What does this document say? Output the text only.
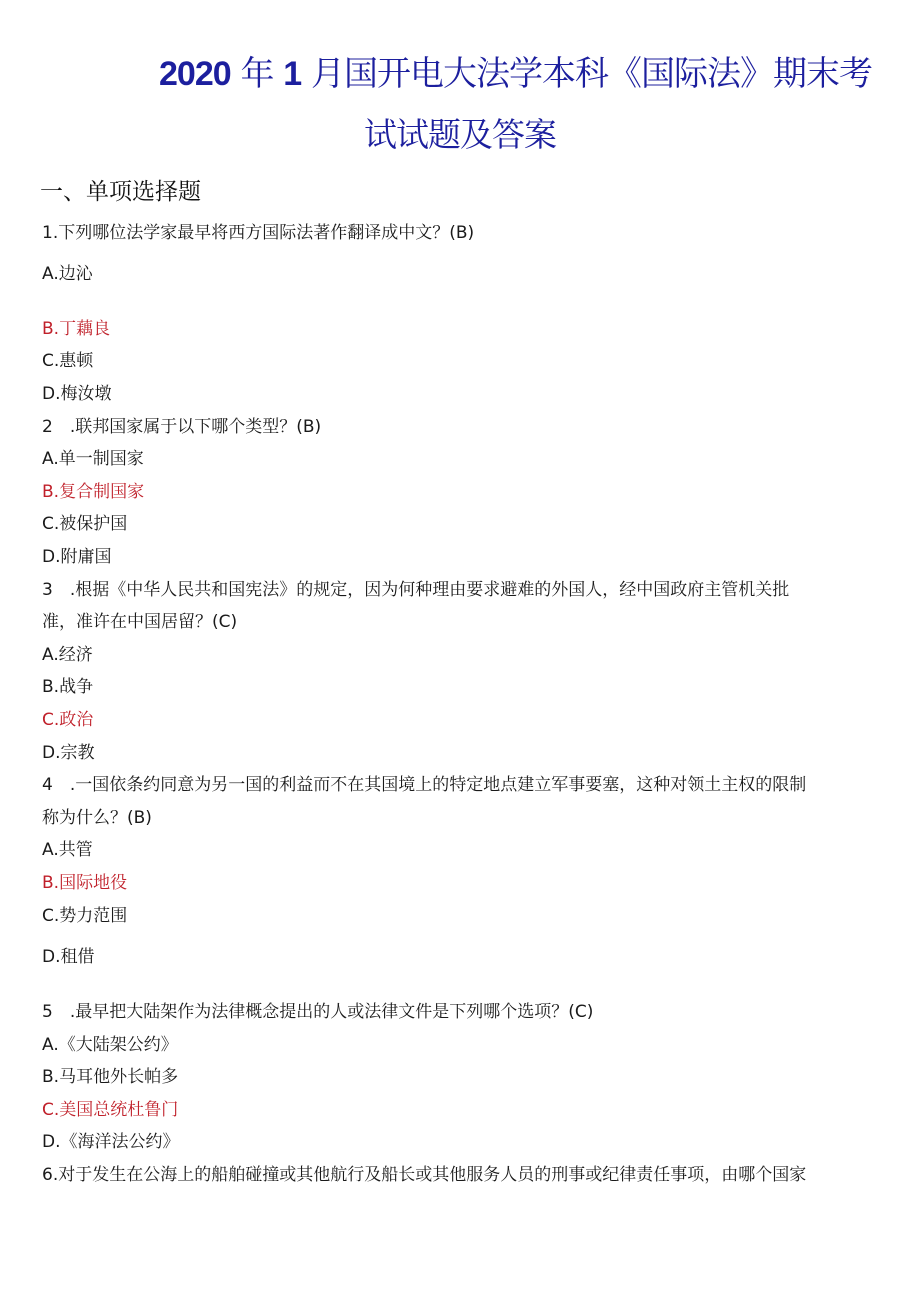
2020 年 1 月国开电大法学本科《国际法》期末考
试试题及答案
一、单项选择题
1.下列哪位法学家最早将西方国际法著作翻译成中文？(B)
A.边沁
B.丁藕良
C.惠顿
D.梅汝墩
2　.联邦国家属于以下哪个类型？(B)
A.单一制国家
B.复合制国家
C.被保护国
D.附庸国
3　.根据《中华人民共和国宪法》的规定，因为何种理由要求避难的外国人，经中国政府主管机关批
准，准许在中国居留？(C)
A.经济
B.战争
C.政治
D.宗教
4　.一国依条约同意为另一国的利益而不在其国境上的特定地点建立军事要塞，这种对领土主权的限制
称为什么？(B)
A.共管
B.国际地役
C.势力范围
D.租借
5　.最早把大陆架作为法律概念提出的人或法律文件是下列哪个选项？(C)
A.《大陆架公约》
B.马耳他外长帕多
C.美国总统杜鲁门
D.《海洋法公约》
6.对于发生在公海上的船舶碰撞或其他航行及船长或其他服务人员的刑事或纪律责任事项，由哪个国家
